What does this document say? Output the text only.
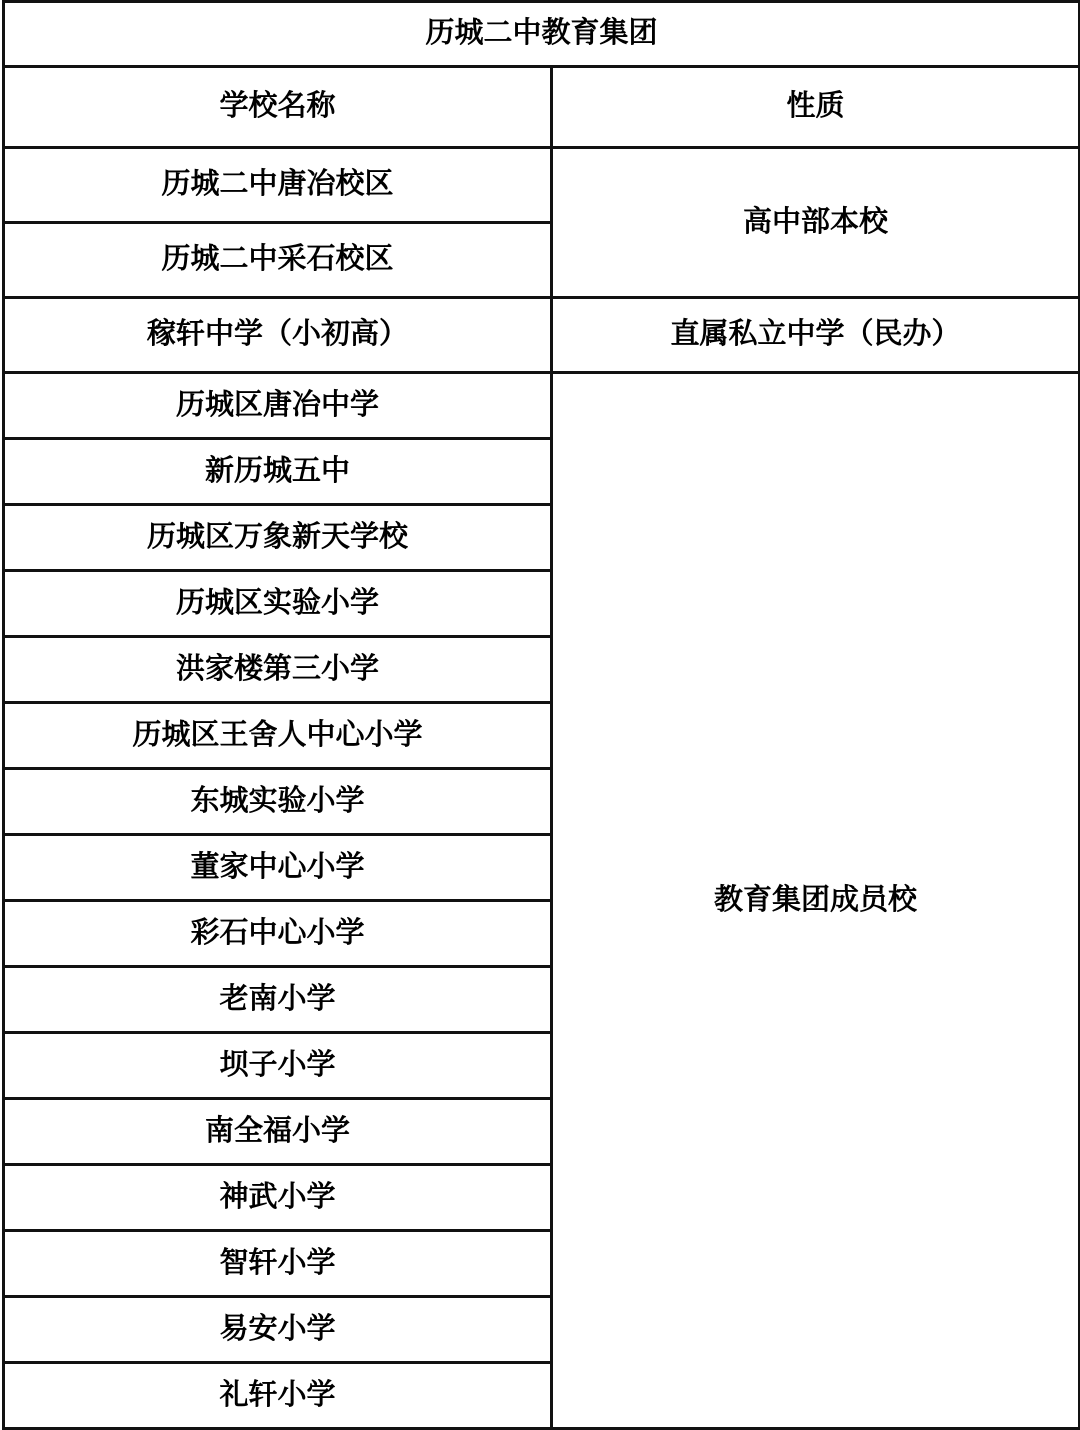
历城二中教育集团	
学校名称	性质
历城二中唐冶校区	高中部本校
历城二中采石校区	
稼轩中学（小初高）	直属私立中学（民办）
历城区唐冶中学	教育集团成员校
新历城五中	
历城区万象新天学校	
历城区实验小学	
洪家楼第三小学	
历城区王舍人中心小学	
东城实验小学	
董家中心小学	
彩石中心小学	
老南小学	
坝子小学	
南全福小学	
神武小学	
智轩小学	
易安小学	
礼轩小学	
